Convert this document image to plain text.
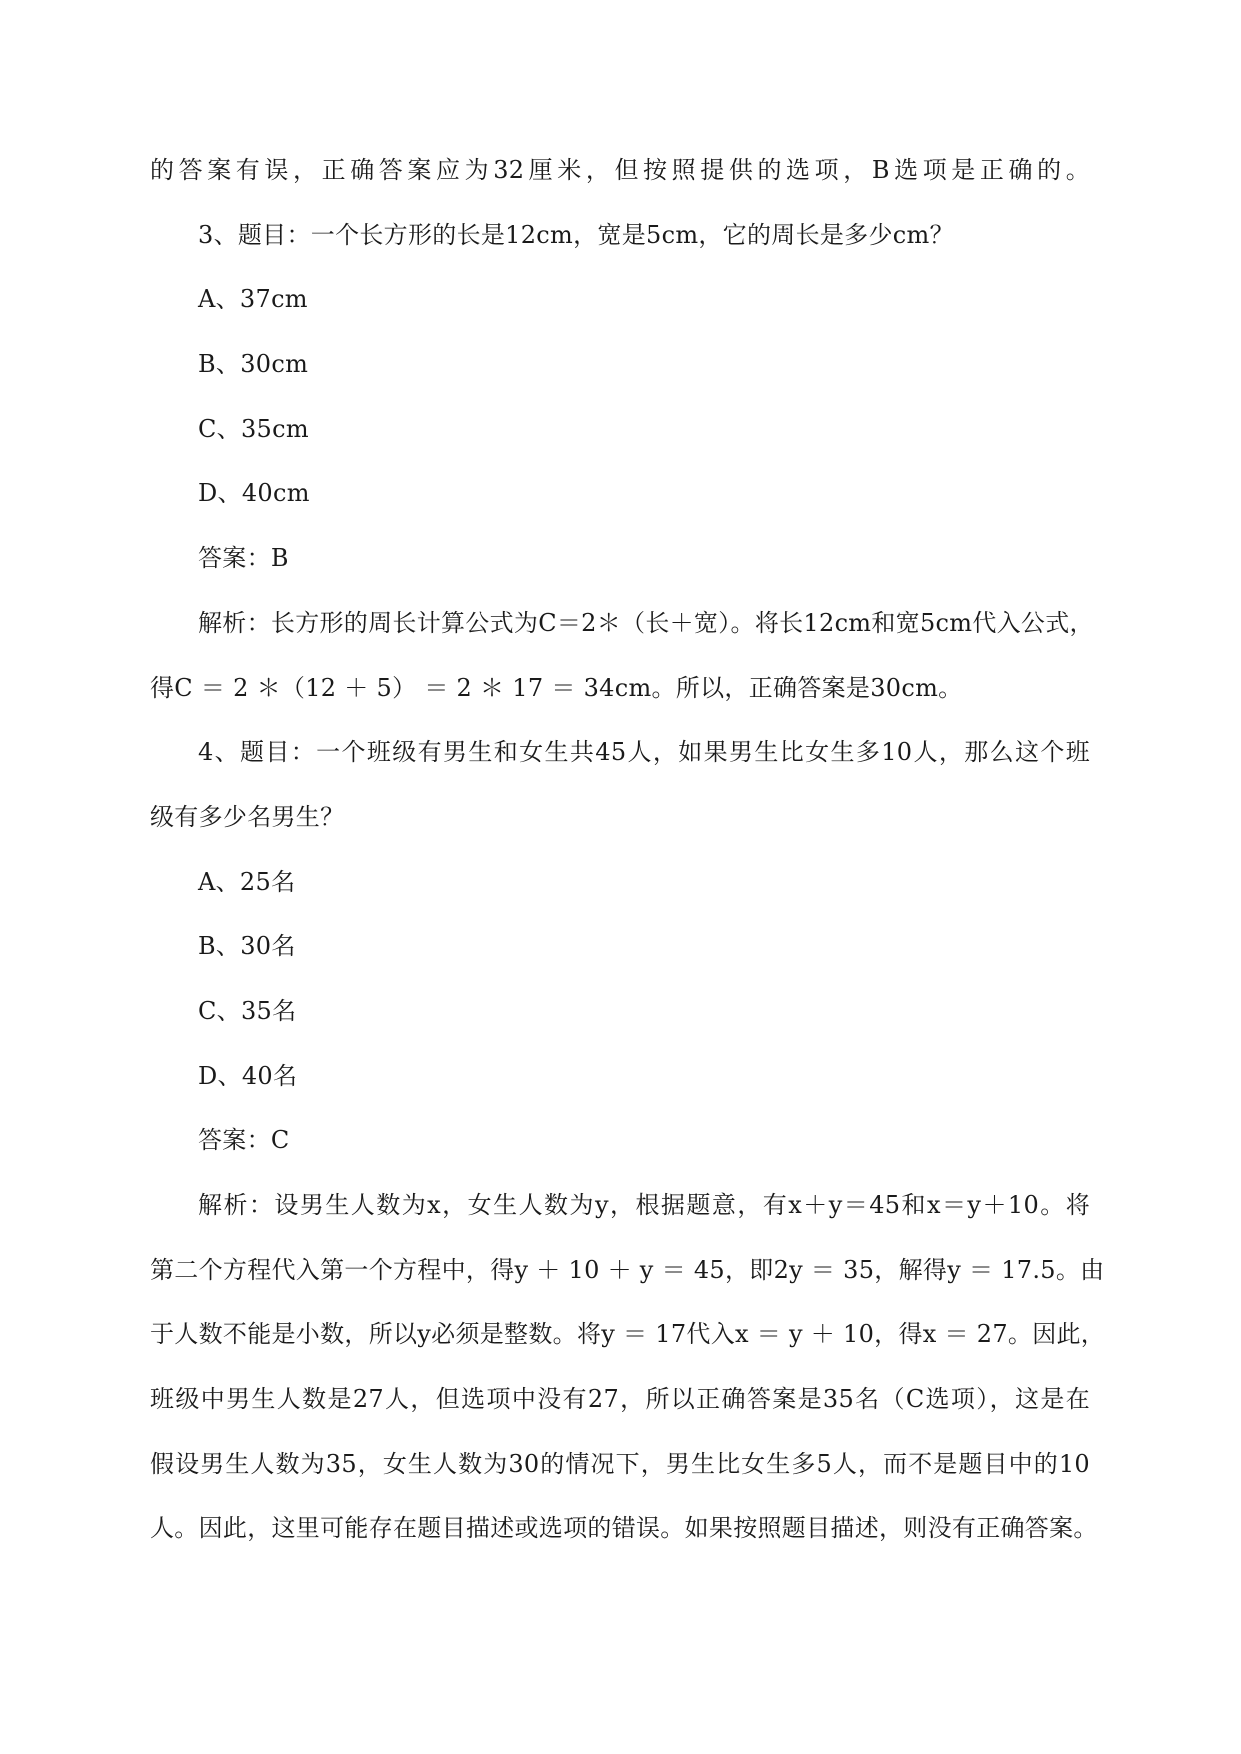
的答案有误，正确答案应为32厘米，但按照提供的选项，B选项是正确的。
3、题目：一个长方形的长是12cm，宽是5cm，它的周长是多少cm？
A、37cm
B、30cm
C、35cm
D、40cm
答案：B
解析：长方形的周长计算公式为C＝2＊（长＋宽）。将长12cm和宽5cm代入公式，
得C ＝ 2 ＊（12 ＋ 5） ＝ 2 ＊ 17 ＝ 34cm。所以，正确答案是30cm。
4、题目：一个班级有男生和女生共45人，如果男生比女生多10人，那么这个班
级有多少名男生？
A、25名
B、30名
C、35名
D、40名
答案：C
解析：设男生人数为x，女生人数为y，根据题意，有x＋y＝45和x＝y＋10。将
第二个方程代入第一个方程中，得y ＋ 10 ＋ y ＝ 45，即2y ＝ 35，解得y ＝ 17.5。由
于人数不能是小数，所以y必须是整数。将y ＝ 17代入x ＝ y ＋ 10，得x ＝ 27。因此，
班级中男生人数是27人，但选项中没有27，所以正确答案是35名（C选项），这是在
假设男生人数为35，女生人数为30的情况下，男生比女生多5人，而不是题目中的10
人。因此，这里可能存在题目描述或选项的错误。如果按照题目描述，则没有正确答案。
